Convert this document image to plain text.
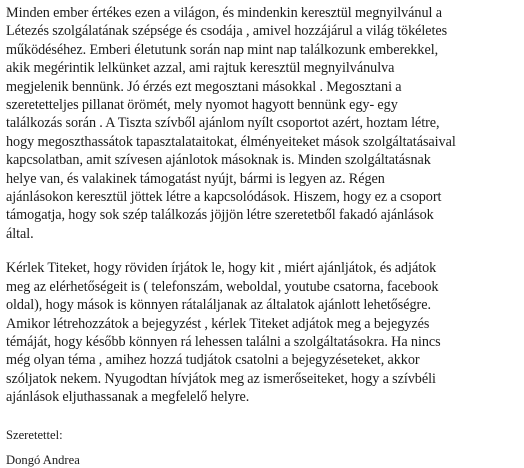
Minden ember értékes ezen a világon, és mindenkin keresztül megnyilvánul a
Létezés szolgálatának szépsége és csodája , amivel hozzájárul a világ tökéletes
működéséhez. Emberi életutunk során nap mint nap találkozunk emberekkel,
akik megérintik lelkünket azzal, ami rajtuk keresztül megnyilvánulva
megjelenik bennünk. Jó érzés ezt megosztani másokkal . Megosztani a
szeretetteljes pillanat örömét, mely nyomot hagyott bennünk egy- egy
találkozás során . A Tiszta szívből ajánlom nyílt csoportot azért, hoztam létre,
hogy megoszthassátok tapasztalataitokat, élményeiteket mások szolgáltatásaival
kapcsolatban, amit szívesen ajánlotok másoknak is. Minden szolgáltatásnak
helye van, és valakinek támogatást nyújt, bármi is legyen az. Régen
ajánlásokon keresztül jöttek létre a kapcsolódások. Hiszem, hogy ez a csoport
támogatja, hogy sok szép találkozás jöjjön létre szeretetből fakadó ajánlások
által.

Kérlek Titeket, hogy röviden írjátok le, hogy kit , miért ajánljátok, és adjátok
meg az elérhetőségeit is ( telefonszám, weboldal, youtube csatorna, facebook
oldal), hogy mások is könnyen rátaláljanak az általatok ajánlott lehetőségre.
Amikor létrehozzátok a bejegyzést , kérlek Titeket adjátok meg a bejegyzés
témáját, hogy később könnyen rá lehessen találni a szolgáltatásokra. Ha nincs
még olyan téma , amihez hozzá tudjátok csatolni a bejegyzéseteket, akkor
szóljatok nekem. Nyugodtan hívjátok meg az ismerőseiteket, hogy a szívbéli
ajánlások eljuthassanak a megfelelő helyre.

Szeretettel:

Dongó Andrea
